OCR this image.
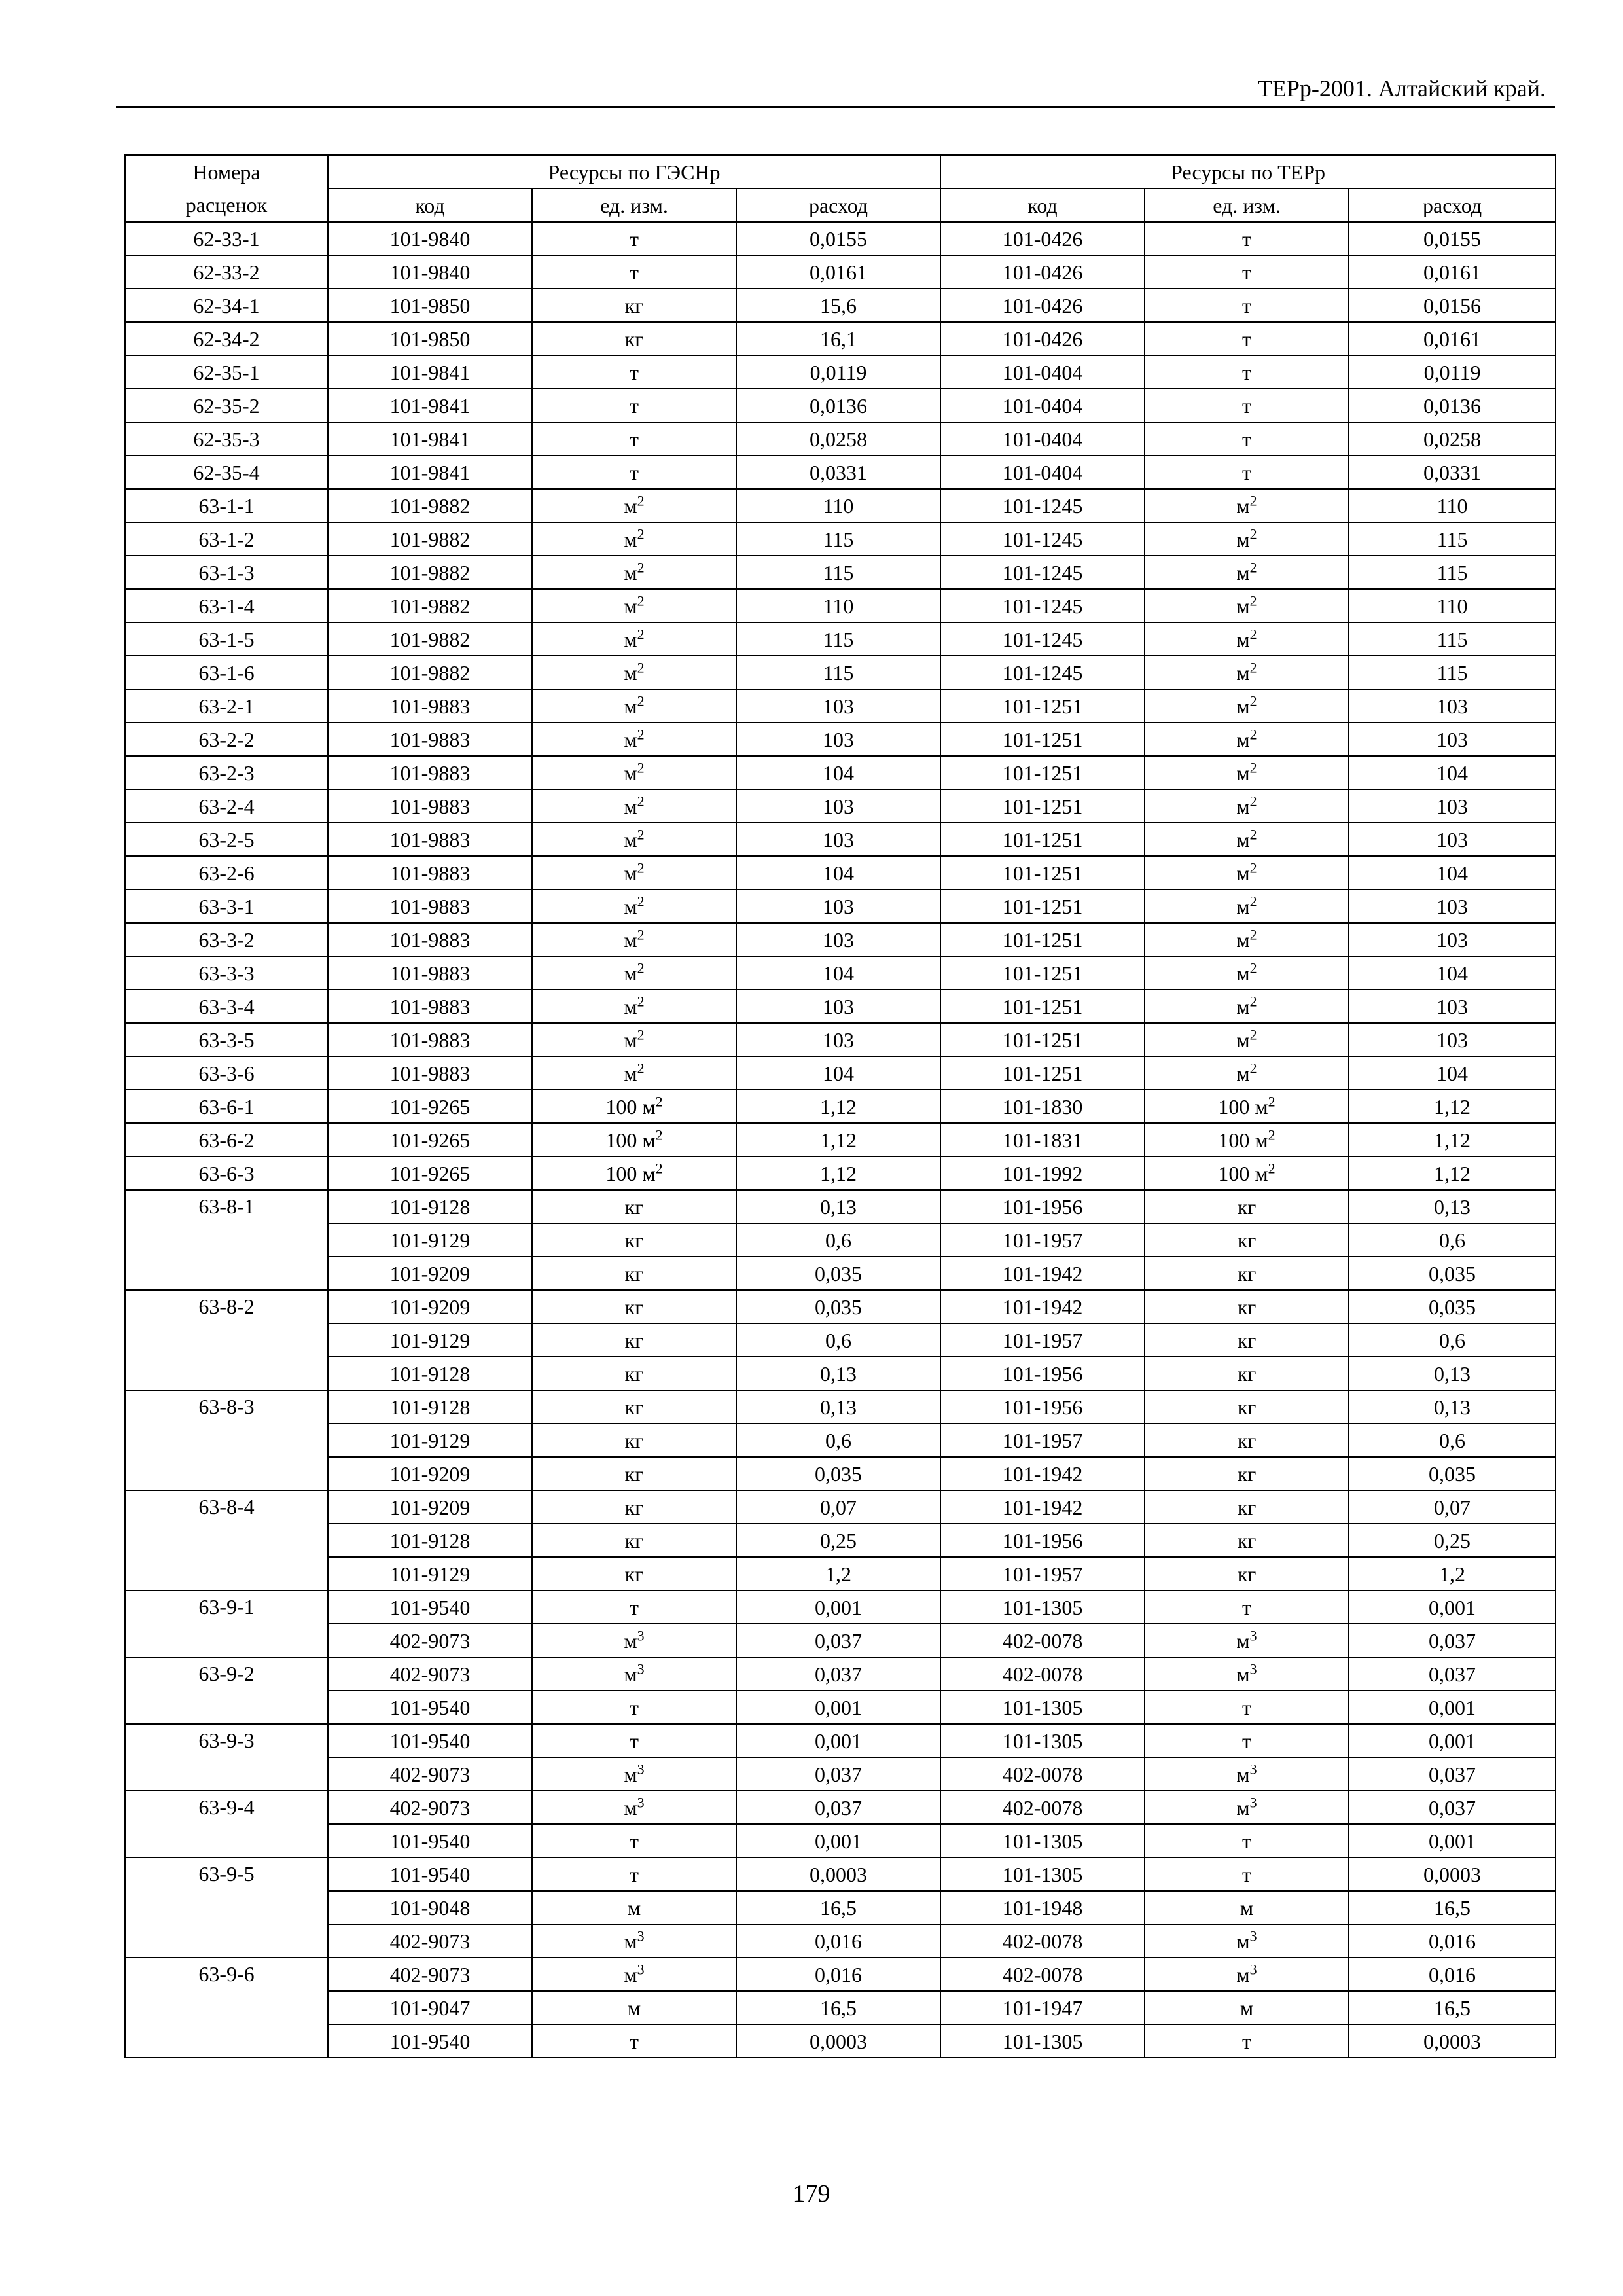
ТЕРр-2001. Алтайский край.
Номера	Ресурсы по ГЭСНр			Ресурсы по ТЕРр		
расценок	код	ед. изм.	расход	код	ед. изм.	расход
62-33-1	101-9840	т	0,0155	101-0426	т	0,0155
62-33-2	101-9840	т	0,0161	101-0426	т	0,0161
62-34-1	101-9850	кг	15,6	101-0426	т	0,0156
62-34-2	101-9850	кг	16,1	101-0426	т	0,0161
62-35-1	101-9841	т	0,0119	101-0404	т	0,0119
62-35-2	101-9841	т	0,0136	101-0404	т	0,0136
62-35-3	101-9841	т	0,0258	101-0404	т	0,0258
62-35-4	101-9841	т	0,0331	101-0404	т	0,0331
63-1-1	101-9882	$м^2$	110	101-1245	$м^2$	110
63-1-2	101-9882	$м^2$	115	101-1245	$м^2$	115
63-1-3	101-9882	$м^2$	115	101-1245	$м^2$	115
63-1-4	101-9882	$м^2$	110	101-1245	$м^2$	110
63-1-5	101-9882	$м^2$	115	101-1245	$м^2$	115
63-1-6	101-9882	$м^2$	115	101-1245	$м^2$	115
63-2-1	101-9883	$м^2$	103	101-1251	$м^2$	103
63-2-2	101-9883	$м^2$	103	101-1251	$м^2$	103
63-2-3	101-9883	$м^2$	104	101-1251	$м^2$	104
63-2-4	101-9883	$м^2$	103	101-1251	$м^2$	103
63-2-5	101-9883	$м^2$	103	101-1251	$м^2$	103
63-2-6	101-9883	$м^2$	104	101-1251	$м^2$	104
63-3-1	101-9883	$м^2$	103	101-1251	$м^2$	103
63-3-2	101-9883	$м^2$	103	101-1251	$м^2$	103
63-3-3	101-9883	$м^2$	104	101-1251	$м^2$	104
63-3-4	101-9883	$м^2$	103	101-1251	$м^2$	103
63-3-5	101-9883	$м^2$	103	101-1251	$м^2$	103
63-3-6	101-9883	$м^2$	104	101-1251	$м^2$	104
63-6-1	101-9265	100 $м^2$	1,12	101-1830	100 $м^2$	1,12
63-6-2	101-9265	100 $м^2$	1,12	101-1831	100 $м^2$	1,12
63-6-3	101-9265	100 $м^2$	1,12	101-1992	100 $м^2$	1,12
63-8-1	101-9128	кг	0,13	101-1956	кг	0,13
	101-9129	кг	0,6	101-1957	кг	0,6
	101-9209	кг	0,035	101-1942	кг	0,035
63-8-2	101-9209	кг	0,035	101-1942	кг	0,035
	101-9129	кг	0,6	101-1957	кг	0,6
	101-9128	кг	0,13	101-1956	кг	0,13
63-8-3	101-9128	кг	0,13	101-1956	кг	0,13
	101-9129	кг	0,6	101-1957	кг	0,6
	101-9209	кг	0,035	101-1942	кг	0,035
63-8-4	101-9209	кг	0,07	101-1942	кг	0,07
	101-9128	кг	0,25	101-1956	кг	0,25
	101-9129	кг	1,2	101-1957	кг	1,2
63-9-1	101-9540	т	0,001	101-1305	т	0,001
	402-9073	$м^3$	0,037	402-0078	$м^3$	0,037
63-9-2	402-9073	$м^3$	0,037	402-0078	$м^3$	0,037
	101-9540	т	0,001	101-1305	т	0,001
63-9-3	101-9540	т	0,001	101-1305	т	0,001
	402-9073	$м^3$	0,037	402-0078	$м^3$	0,037
63-9-4	402-9073	$м^3$	0,037	402-0078	$м^3$	0,037
	101-9540	т	0,001	101-1305	т	0,001
63-9-5	101-9540	т	0,0003	101-1305	т	0,0003
	101-9048	м	16,5	101-1948	м	16,5
	402-9073	$м^3$	0,016	402-0078	$м^3$	0,016
63-9-6	402-9073	$м^3$	0,016	402-0078	$м^3$	0,016
	101-9047	м	16,5	101-1947	м	16,5
	101-9540	т	0,0003	101-1305	т	0,0003
179
